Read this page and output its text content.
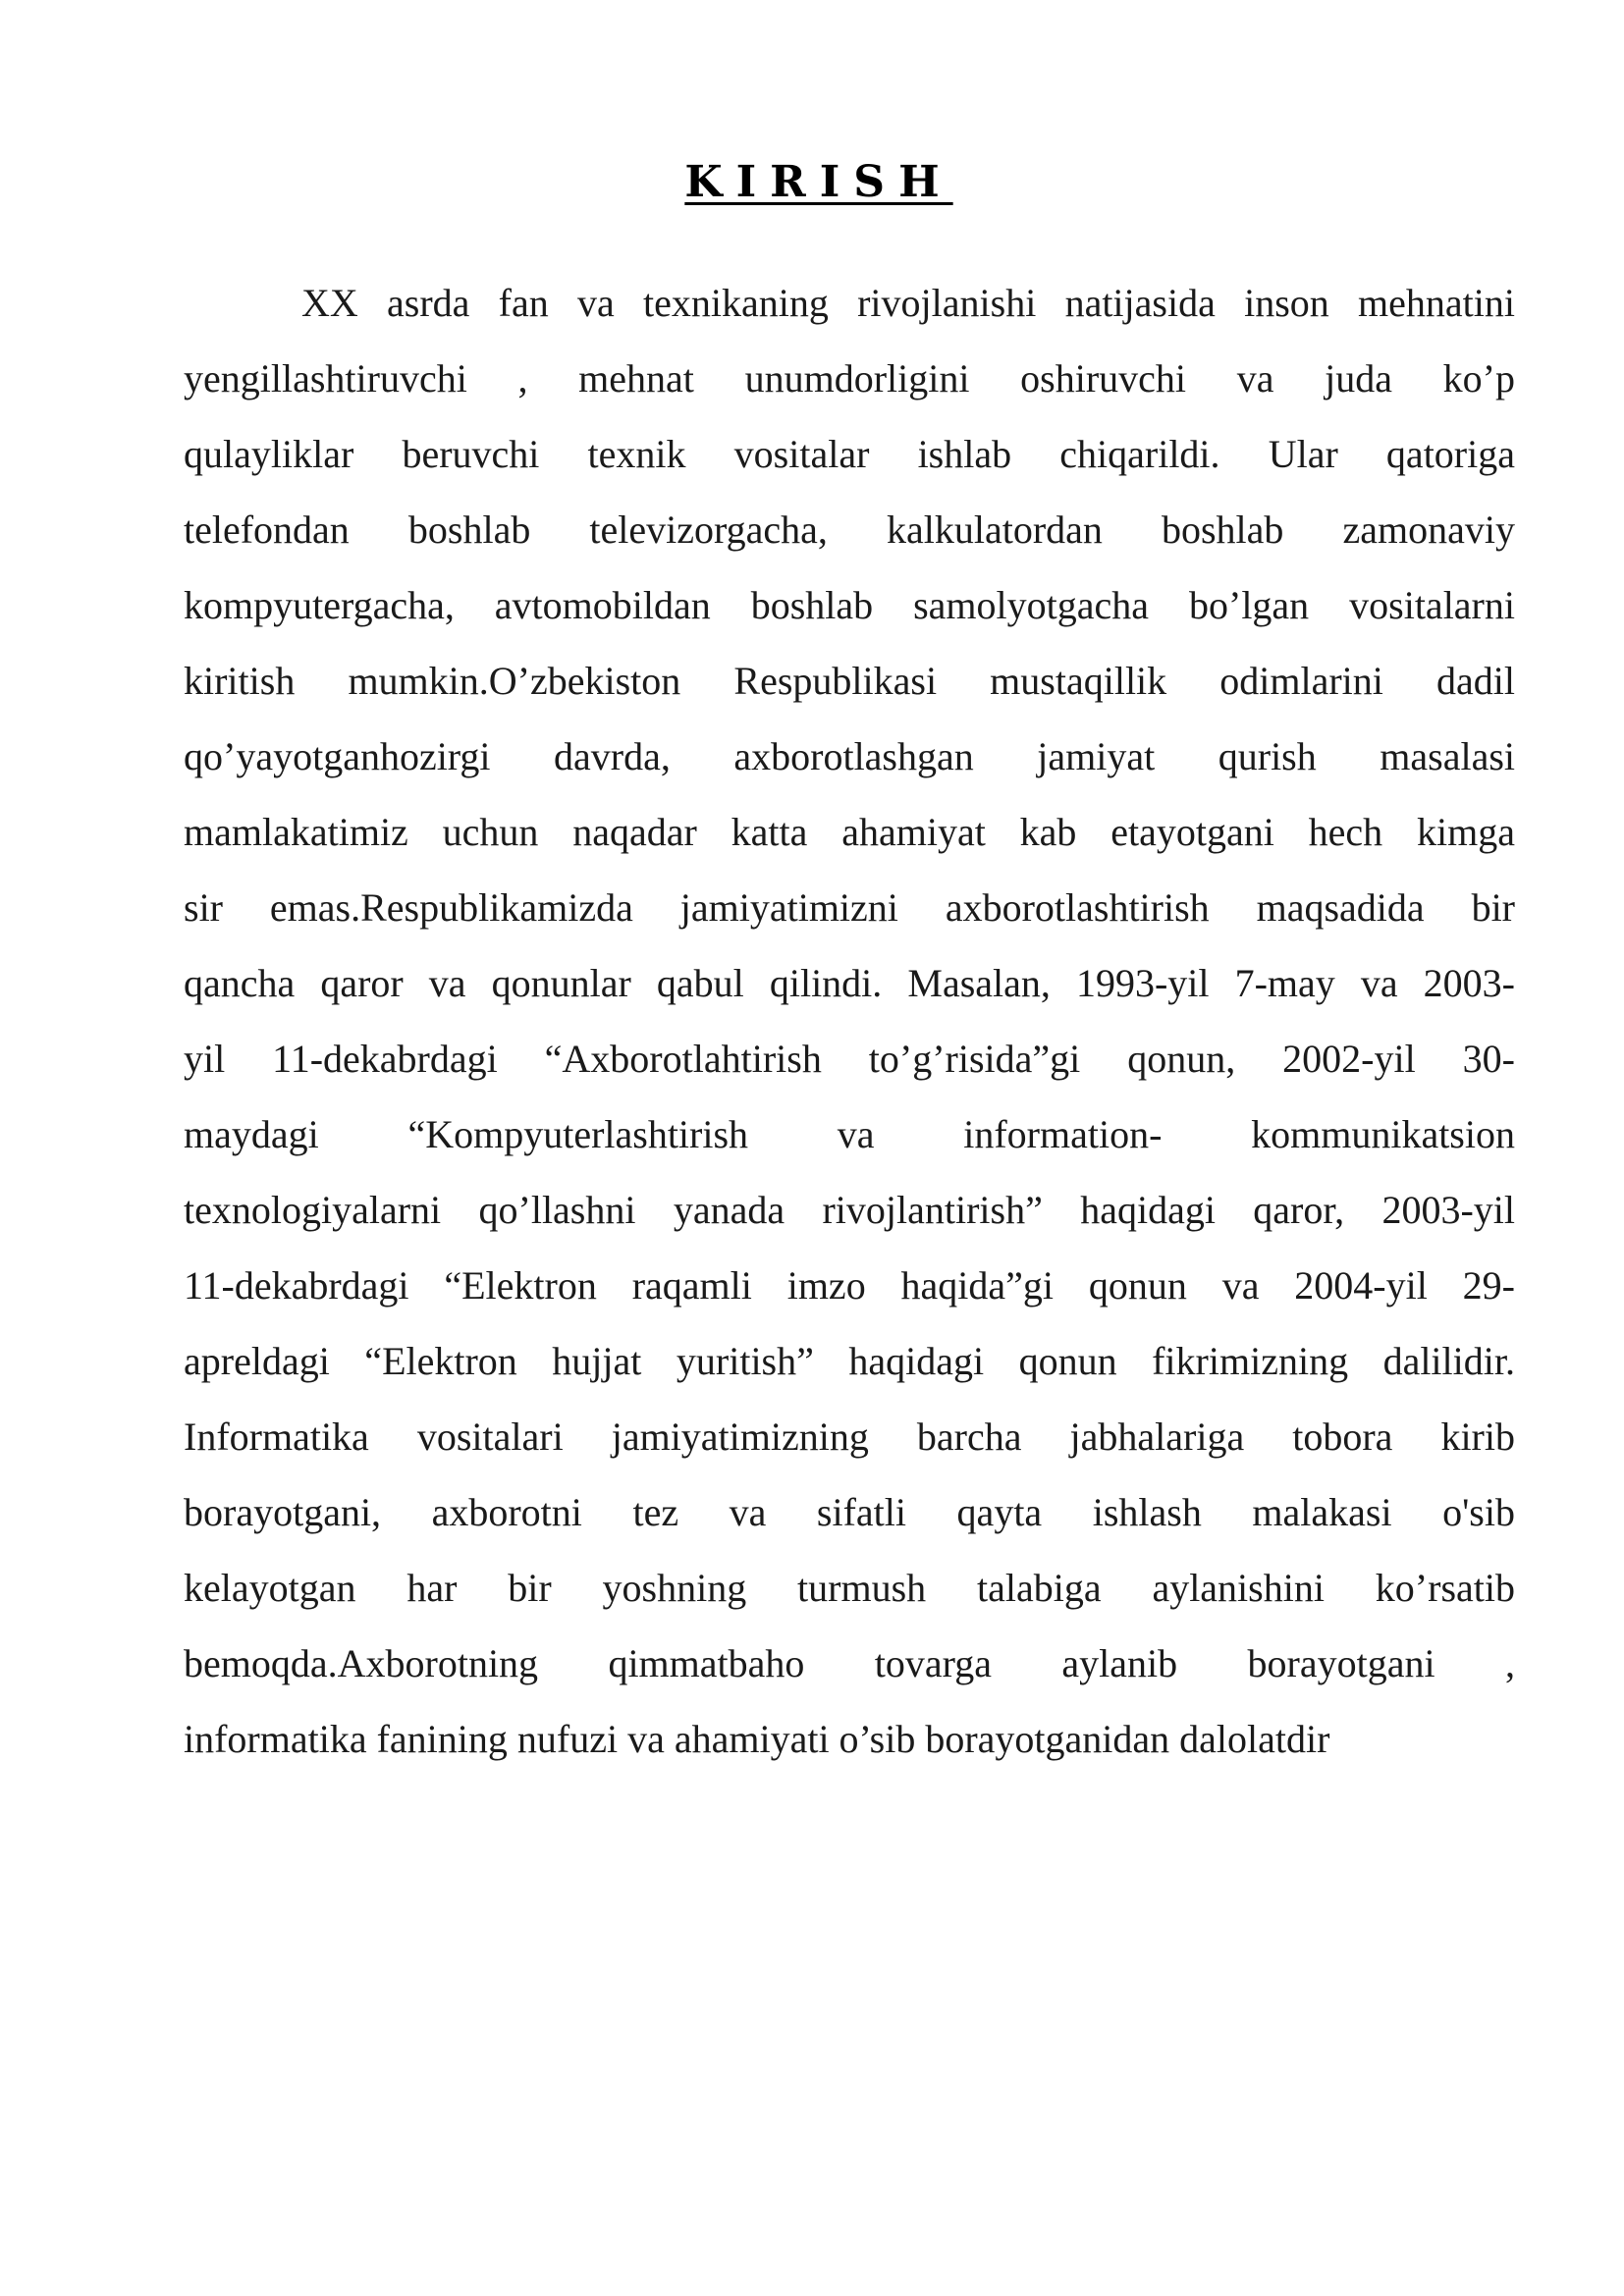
KIRISH
XX asrda fan va texnikaning rivojlanishi natijasida inson mehnatini
yengillashtiruvchi , mehnat unumdorligini oshiruvchi va juda ko’p
qulayliklar beruvchi texnik vositalar ishlab chiqarildi. Ular qatoriga
telefondan boshlab televizorgacha, kalkulatordan boshlab zamonaviy
kompyutergacha, avtomobildan boshlab samolyotgacha bo’lgan vositalarni
kiritish mumkin.O’zbekiston Respublikasi mustaqillik odimlarini dadil
qo’yayotganhozirgi davrda, axborotlashgan jamiyat qurish masalasi
mamlakatimiz uchun naqadar katta ahamiyat kab etayotgani hech kimga
sir emas.Respublikamizda jamiyatimizni axborotlashtirish maqsadida bir
qancha qaror va qonunlar qabul qilindi. Masalan, 1993-yil 7-may va 2003-
yil 11-dekabrdagi “Axborotlahtirish to’g’risida”gi qonun, 2002-yil 30-
maydagi “Kompyuterlashtirish va information- kommunikatsion
texnologiyalarni qo’llashni yanada rivojlantirish” haqidagi qaror, 2003-yil
11-dekabrdagi “Elektron raqamli imzo haqida”gi qonun va 2004-yil 29-
apreldagi “Elektron hujjat yuritish” haqidagi qonun fikrimizning dalilidir.
Informatika vositalari jamiyatimizning barcha jabhalariga tobora kirib
borayotgani, axborotni tez va sifatli qayta ishlash malakasi o'sib
kelayotgan har bir yoshning turmush talabiga aylanishini ko’rsatib
bemoqda.Axborotning qimmatbaho tovarga aylanib borayotgani ,
informatika fanining nufuzi va ahamiyati o’sib borayotganidan dalolatdir
